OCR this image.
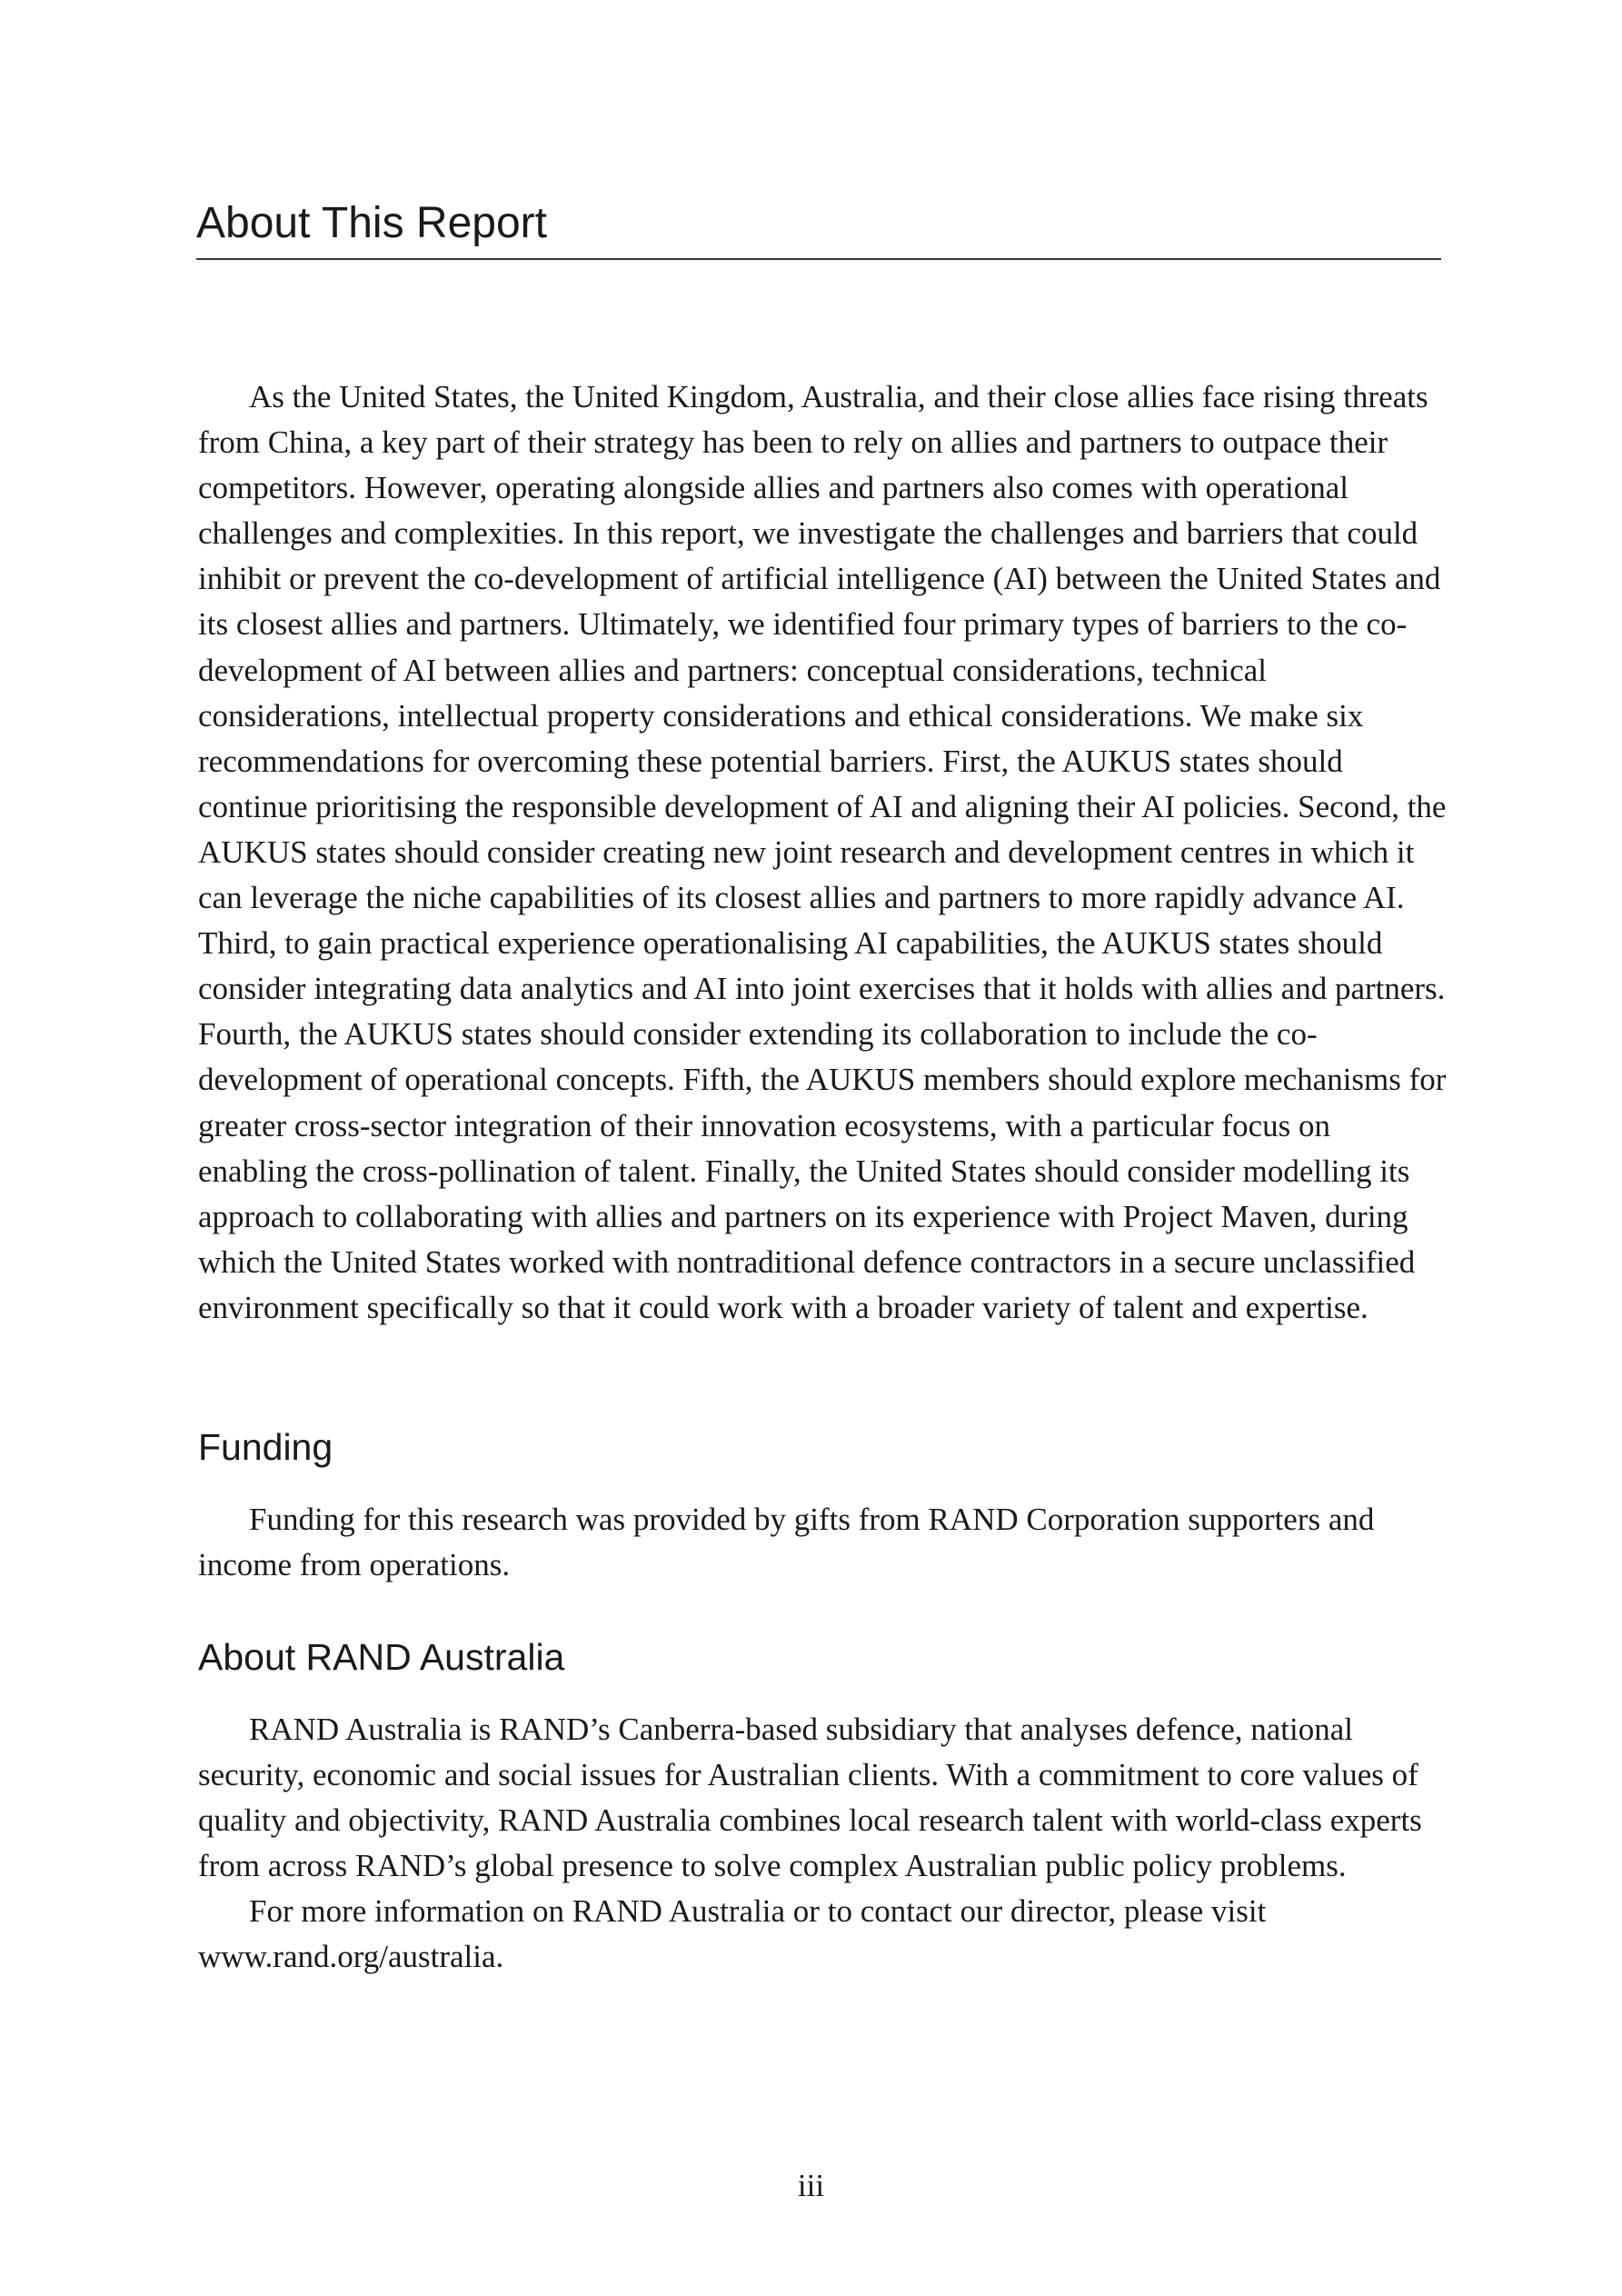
About This Report

As the United States, the United Kingdom, Australia, and their close allies face rising threats from China, a key part of their strategy has been to rely on allies and partners to outpace their competitors. However, operating alongside allies and partners also comes with operational challenges and complexities. In this report, we investigate the challenges and barriers that could inhibit or prevent the co-development of artificial intelligence (AI) between the United States and its closest allies and partners. Ultimately, we identified four primary types of barriers to the co-development of AI between allies and partners: conceptual considerations, technical considerations, intellectual property considerations and ethical considerations. We make six recommendations for overcoming these potential barriers. First, the AUKUS states should continue prioritising the responsible development of AI and aligning their AI policies. Second, the AUKUS states should consider creating new joint research and development centres in which it can leverage the niche capabilities of its closest allies and partners to more rapidly advance AI. Third, to gain practical experience operationalising AI capabilities, the AUKUS states should consider integrating data analytics and AI into joint exercises that it holds with allies and partners. Fourth, the AUKUS states should consider extending its collaboration to include the co-development of operational concepts. Fifth, the AUKUS members should explore mechanisms for greater cross-sector integration of their innovation ecosystems, with a particular focus on enabling the cross-pollination of talent. Finally, the United States should consider modelling its approach to collaborating with allies and partners on its experience with Project Maven, during which the United States worked with nontraditional defence contractors in a secure unclassified environment specifically so that it could work with a broader variety of talent and expertise.

Funding

Funding for this research was provided by gifts from RAND Corporation supporters and income from operations.

About RAND Australia

RAND Australia is RAND’s Canberra-based subsidiary that analyses defence, national security, economic and social issues for Australian clients. With a commitment to core values of quality and objectivity, RAND Australia combines local research talent with world-class experts from across RAND’s global presence to solve complex Australian public policy problems.

For more information on RAND Australia or to contact our director, please visit www.rand.org/australia.

iii
